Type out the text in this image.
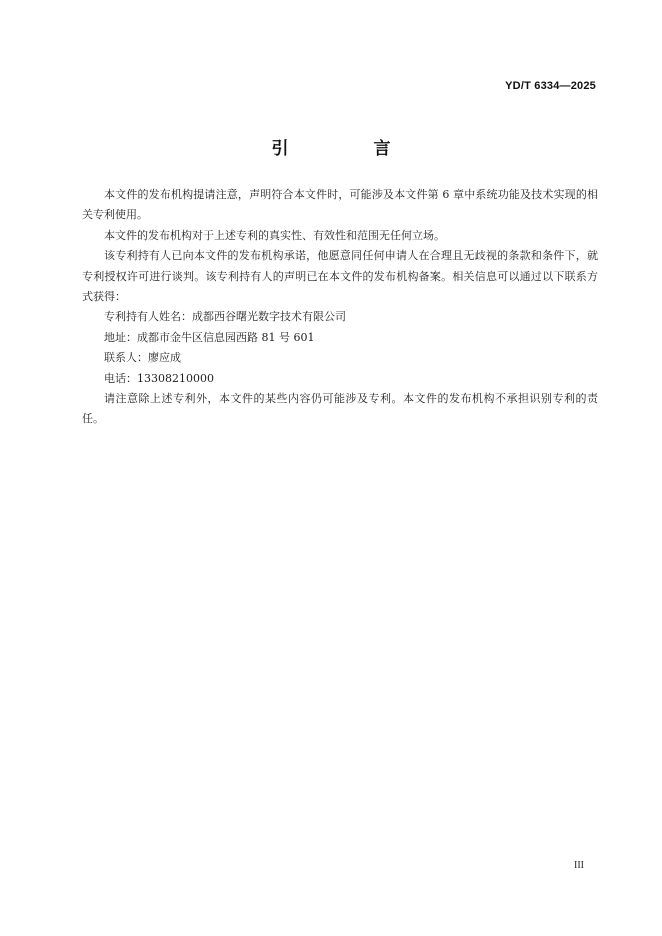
YD/T 6334—2025
引　言

本文件的发布机构提请注意，声明符合本文件时，可能涉及本文件第 6 章中系统功能及技术实现的相关专利使用。

本文件的发布机构对于上述专利的真实性、有效性和范围无任何立场。

该专利持有人已向本文件的发布机构承诺，他愿意同任何申请人在合理且无歧视的条款和条件下，就专利授权许可进行谈判。该专利持有人的声明已在本文件的发布机构备案。相关信息可以通过以下联系方式获得：

专利持有人姓名：成都西谷曙光数字技术有限公司

地址：成都市金牛区信息园西路 81 号 601

联系人：廖应成

电话：13308210000

请注意除上述专利外，本文件的某些内容仍可能涉及专利。本文件的发布机构不承担识别专利的责任。

III
